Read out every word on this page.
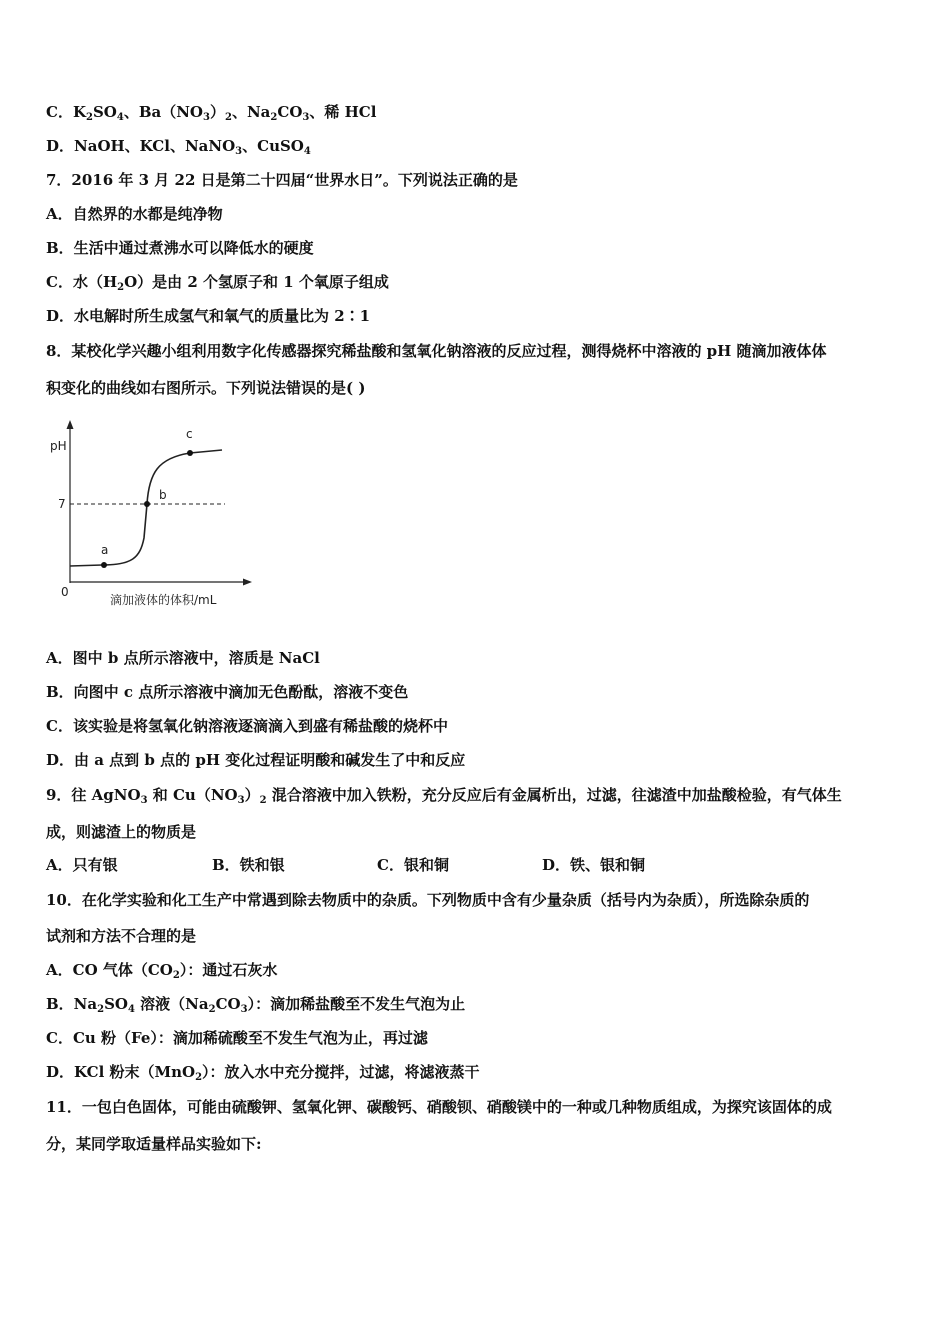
C．$K_2SO_4$、$Ba(NO_3)_2$、$Na_2CO_3$、稀 HCl
D．NaOH、KCl、NaNO$_3$、CuSO$_4$
7．2016 年 3 月 22 日是第二十四届“世界水日”。下列说法正确的是
A．自然界的水都是纯净物
B．生活中通过煮沸水可以降低水的硬度
C．水$(H_2O)$是由 2 个氢原子和 1 个氧原子组成
D．水电解时所生成氢气和氧气的质量比为 2∶1
8．某校化学兴趣小组利用数字化传感器探究稀盐酸和氢氧化钠溶液的反应过程，测得烧杯中溶液的 pH 随滴加液体体
积变化的曲线如右图所示。下列说法错误的是( )
pH
7
0
a
b
c
滴加液体的体积/mL
A．图中 b 点所示溶液中，溶质是 NaCl
B．向图中 c 点所示溶液中滴加无色酚酞，溶液不变色
C．该实验是将氢氧化钠溶液逐滴滴入到盛有稀盐酸的烧杯中
D．由 a 点到 b 点的 pH 变化过程证明酸和碱发生了中和反应
9．往 AgNO$_3$ 和 $Cu(NO_3)_2$ 混合溶液中加入铁粉，充分反应后有金属析出，过滤，往滤渣中加盐酸检验，有气体生
成，则滤渣上的物质是
A．只有银	B．铁和银	C．银和铜	D．铁、银和铜
10．在化学实验和化工生产中常遇到除去物质中的杂质。下列物质中含有少量杂质（括号内为杂质），所选除杂质的
试剂和方法不合理的是
A．CO 气体$(CO_2)$：通过石灰水
B．$Na_2SO_4$ 溶液$(Na_2CO_3)$：滴加稀盐酸至不发生气泡为止
C．Cu 粉（Fe）：滴加稀硫酸至不发生气泡为止，再过滤
D．KCl 粉末（MnO$_2$）：放入水中充分搅拌，过滤，将滤液蒸干
11．一包白色固体，可能由硫酸钾、氢氧化钾、碳酸钙、硝酸钡、硝酸镁中的一种或几种物质组成，为探究该固体的成
分，某同学取适量样品实验如下:
